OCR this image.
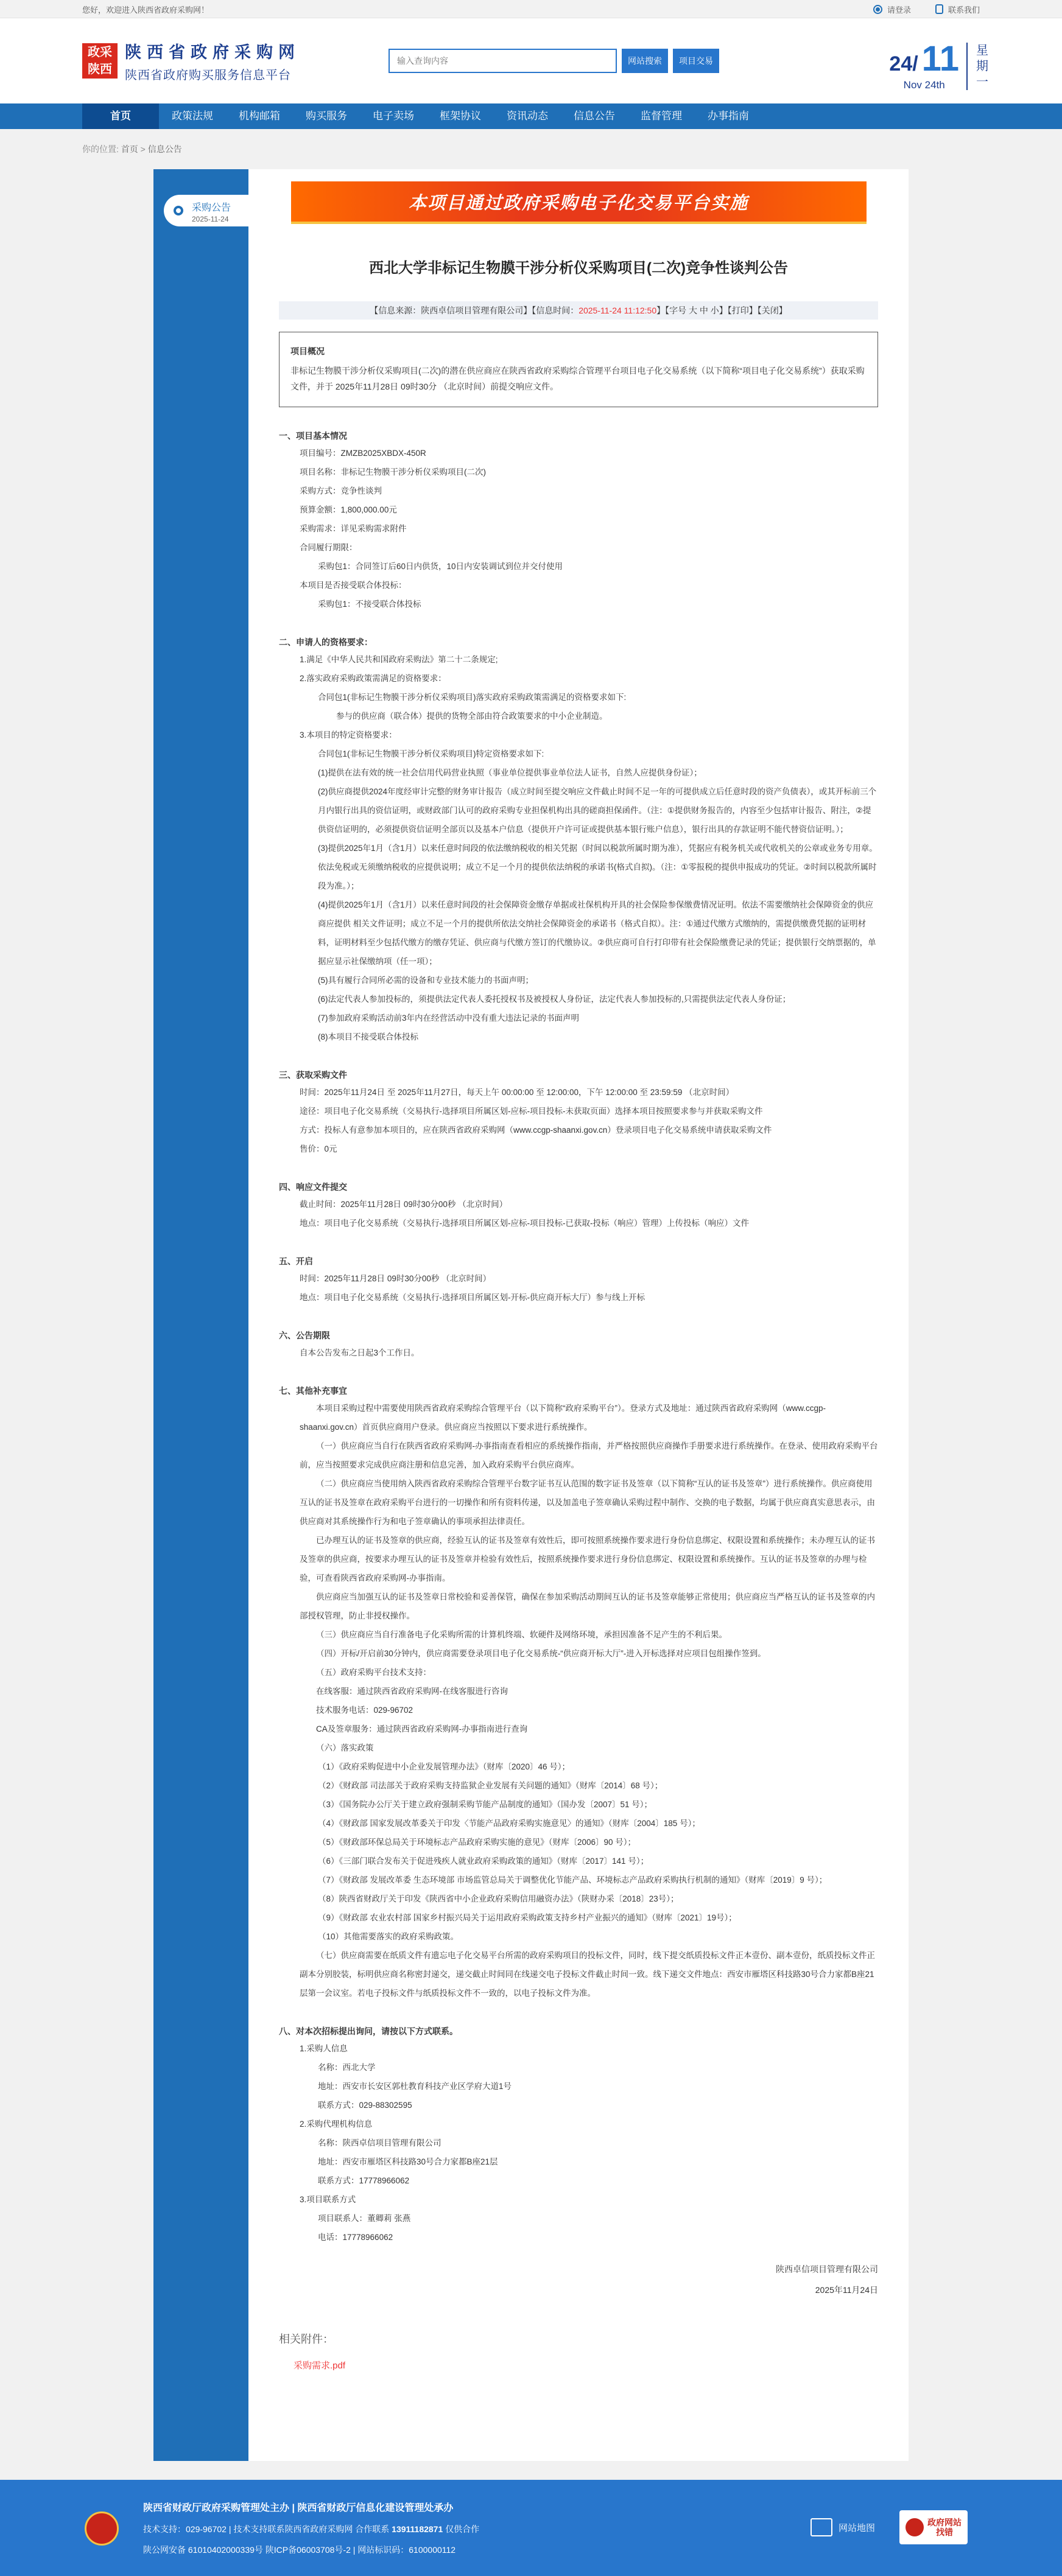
您好，欢迎进入陕西省政府采购网！	请登录	联系我们
政采
陕西
陕西省政府采购网
陕西省政府购买服务信息平台
输入查询内容
网站搜索	项目交易	24/ 11
Nov 24th
星期一
首页	政策法规	机构邮箱	购买服务	电子卖场	框架协议	资讯动态	信息公告	监督管理	办事指南
你的位置: 首页 > 信息公告
采购公告
2025-11-24
本项目通过政府采购电子化交易平台实施
西北大学非标记生物膜干涉分析仪采购项目(二次)竞争性谈判公告
【信息来源：陕西卓信项目管理有限公司】【信息时间：2025-11-24 11:12:50】【字号 大 中 小】【打印】【关闭】
项目概况
非标记生物膜干涉分析仪采购项目(二次)的潜在供应商应在陕西省政府采购综合管理平台项目电子化交易系统（以下简称“项目电子化交易系统”）获取采购文件，并于 2025年11月28日 09时30分 （北京时间）前提交响应文件。
一、项目基本情况
项目编号：ZMZB2025XBDX-450R
项目名称：非标记生物膜干涉分析仪采购项目(二次)
采购方式：竞争性谈判
预算金额：1,800,000.00元
采购需求：详见采购需求附件
合同履行期限：
采购包1：合同签订后60日内供货，10日内安装调试到位并交付使用
本项目是否接受联合体投标：
采购包1：不接受联合体投标
二、申请人的资格要求：
1.满足《中华人民共和国政府采购法》第二十二条规定;
2.落实政府采购政策需满足的资格要求：
合同包1(非标记生物膜干涉分析仪采购项目)落实政府采购政策需满足的资格要求如下:
参与的供应商（联合体）提供的货物全部由符合政策要求的中小企业制造。
3.本项目的特定资格要求：
合同包1(非标记生物膜干涉分析仪采购项目)特定资格要求如下:
(1)提供在法有效的统一社会信用代码营业执照（事业单位提供事业单位法人证书，自然人应提供身份证）；
(2)供应商提供2024年度经审计完整的财务审计报告（成立时间至提交响应文件截止时间不足一年的可提供成立后任意时段的资产负债表），或其开标前三个月内银行出具的资信证明，或财政部门认可的政府采购专业担保机构出具的磋商担保函件。（注：①提供财务报告的，内容至少包括审计报告、附注，②提供资信证明的，必须提供资信证明全部页以及基本户信息（提供开户许可证或提供基本银行账户信息），银行出具的存款证明不能代替资信证明。）；
(3)提供2025年1月（含1月）以来任意时间段的依法缴纳税收的相关凭据（时间以税款所属时期为准），凭据应有税务机关或代收机关的公章或业务专用章。依法免税或无须缴纳税收的应提供说明；成立不足一个月的提供依法纳税的承诺书(格式自拟)。（注：①零报税的提供申报成功的凭证。②时间以税款所属时段为准。）；
(4)提供2025年1月（含1月）以来任意时间段的社会保障资金缴存单据或社保机构开具的社会保险参保缴费情况证明。依法不需要缴纳社会保障资金的供应商应提供 相关文件证明；成立不足一个月的提供所依法交纳社会保障资金的承诺书（格式自拟）。注：①通过代缴方式缴纳的，需提供缴费凭据的证明材料，证明材料至少包括代缴方的缴存凭证、供应商与代缴方签订的代缴协议。②供应商可自行打印带有社会保险缴费记录的凭证；提供银行交纳票据的，单据应显示社保缴纳项（任一项）；
(5)具有履行合同所必需的设备和专业技术能力的书面声明；
(6)法定代表人参加投标的，须提供法定代表人委托授权书及被授权人身份证，法定代表人参加投标的,只需提供法定代表人身份证；
(7)参加政府采购活动前3年内在经营活动中没有重大违法记录的书面声明
(8)本项目不接受联合体投标
三、获取采购文件
时间：2025年11月24日 至 2025年11月27日，每天上午 00:00:00 至 12:00:00，下午 12:00:00 至 23:59:59 （北京时间）
途径：项目电子化交易系统（交易执行-选择项目所属区划-应标-项目投标-未获取页面）选择本项目按照要求参与并获取采购文件
方式：投标人有意参加本项目的，应在陕西省政府采购网（www.ccgp-shaanxi.gov.cn）登录项目电子化交易系统申请获取采购文件
售价：0元
四、响应文件提交
截止时间：2025年11月28日 09时30分00秒 （北京时间）
地点：项目电子化交易系统（交易执行-选择项目所属区划-应标-项目投标-已获取-投标（响应）管理）上传投标（响应）文件
五、开启
时间：2025年11月28日 09时30分00秒 （北京时间）
地点：项目电子化交易系统（交易执行-选择项目所属区划-开标-供应商开标大厅）参与线上开标
六、公告期限
自本公告发布之日起3个工作日。
七、其他补充事宜
本项目采购过程中需要使用陕西省政府采购综合管理平台（以下简称“政府采购平台”）。登录方式及地址：通过陕西省政府采购网（www.ccgp-shaanxi.gov.cn）首页供应商用户登录。供应商应当按照以下要求进行系统操作。
（一）供应商应当自行在陕西省政府采购网-办事指南查看相应的系统操作指南，并严格按照供应商操作手册要求进行系统操作。在登录、使用政府采购平台前，应当按照要求完成供应商注册和信息完善，加入政府采购平台供应商库。
（二）供应商应当使用纳入陕西省政府采购综合管理平台数字证书互认范围的数字证书及签章（以下简称“互认的证书及签章”）进行系统操作。供应商使用互认的证书及签章在政府采购平台进行的一切操作和所有资料传递，以及加盖电子签章确认采购过程中制作、交换的电子数据，均属于供应商真实意思表示，由供应商对其系统操作行为和电子签章确认的事项承担法律责任。
已办理互认的证书及签章的供应商，经验互认的证书及签章有效性后，即可按照系统操作要求进行身份信息绑定、权限设置和系统操作；未办理互认的证书及签章的供应商，按要求办理互认的证书及签章并检验有效性后，按照系统操作要求进行身份信息绑定、权限设置和系统操作。互认的证书及签章的办理与检验，可查看陕西省政府采购网-办事指南。
供应商应当加强互认的证书及签章日常校验和妥善保管，确保在参加采购活动期间互认的证书及签章能够正常使用；供应商应当严格互认的证书及签章的内部授权管理，防止非授权操作。
（三）供应商应当自行准备电子化采购所需的计算机终端、软硬件及网络环境，承担因准备不足产生的不利后果。
（四）开标/开启前30分钟内，供应商需要登录项目电子化交易系统-“供应商开标大厅”-进入开标选择对应项目包组操作签到。
（五）政府采购平台技术支持：
在线客服：通过陕西省政府采购网-在线客服进行咨询
技术服务电话：029-96702
CA及签章服务：通过陕西省政府采购网-办事指南进行查询
（六）落实政策
（1）《政府采购促进中小企业发展管理办法》（财库〔2020〕46 号）；
（2）《财政部 司法部关于政府采购支持监狱企业发展有关问题的通知》（财库〔2014〕68 号）；
（3）《国务院办公厅关于建立政府强制采购节能产品制度的通知》（国办发〔2007〕51 号）；
（4）《财政部 国家发展改革委关于印发〈节能产品政府采购实施意见〉的通知》（财库〔2004〕185 号）；
（5）《财政部环保总局关于环境标志产品政府采购实施的意见》（财库〔2006〕90 号）；
（6）《三部门联合发布关于促进残疾人就业政府采购政策的通知》（财库〔2017〕141 号）；
（7）《财政部 发展改革委 生态环境部 市场监管总局关于调整优化节能产品、环境标志产品政府采购执行机制的通知》（财库〔2019〕9 号）；
（8）陕西省财政厅关于印发《陕西省中小企业政府采购信用融资办法》（陕财办采〔2018〕23号）；
（9）《财政部 农业农村部 国家乡村振兴局关于运用政府采购政策支持乡村产业振兴的通知》（财库〔2021〕19号）；
（10）其他需要落实的政府采购政策。
（七）供应商需要在纸质文件有遗忘电子化交易平台所需的政府采购项目的投标文件，同时，线下提交纸质投标文件正本壹份、副本壹份，纸质投标文件正副本分别胶装，标明供应商名称密封递交，递交截止时间同在线递交电子投标文件截止时间一致。线下递交文件地点：西安市雁塔区科技路30号合力家都B座21层第一会议室。若电子投标文件与纸质投标文件不一致的，以电子投标文件为准。
八、对本次招标提出询问，请按以下方式联系。
1.采购人信息
名称：西北大学
地址：西安市长安区郭杜教育科技产业区学府大道1号
联系方式：029-88302595
2.采购代理机构信息
名称：陕西卓信项目管理有限公司
地址：西安市雁塔区科技路30号合力家都B座21层
联系方式：17778966062
3.项目联系方式
项目联系人：董卿莉 张燕
电话：17778966062
陕西卓信项目管理有限公司
2025年11月24日
相关附件：
采购需求.pdf
陕西省财政厅政府采购管理处主办 | 陕西省财政厅信息化建设管理处承办
技术支持：029-96702 | 技术支持联系陕西省政府采购网 合作联系 13911182871 仅供合作
陕公网安备 61010402000339号 陕ICP备06003708号-2 | 网站标识码：6100000112
网站地图
政府网站
找错
